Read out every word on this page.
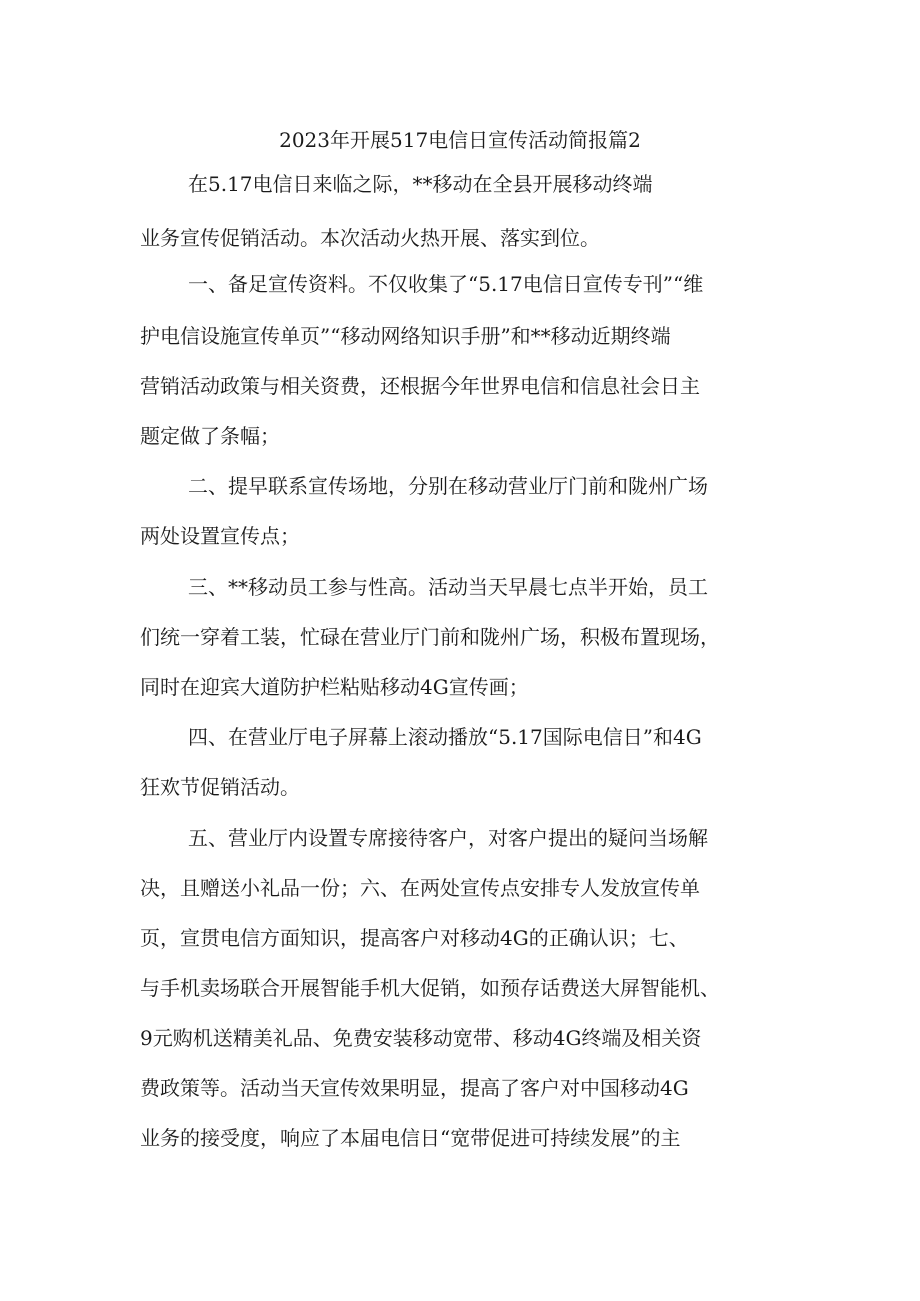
2023年开展517电信日宣传活动简报篇2

在5.17电信日来临之际，**移动在全县开展移动终端

业务宣传促销活动。本次活动火热开展、落实到位。

一、备足宣传资料。不仅收集了“5.17电信日宣传专刊”“维

护电信设施宣传单页”“移动网络知识手册”和**移动近期终端

营销活动政策与相关资费，还根据今年世界电信和信息社会日主

题定做了条幅；

二、提早联系宣传场地，分别在移动营业厅门前和陇州广场

两处设置宣传点；

三、**移动员工参与性高。活动当天早晨七点半开始，员工

们统一穿着工装，忙碌在营业厅门前和陇州广场，积极布置现场，

同时在迎宾大道防护栏粘贴移动4G宣传画；

四、在营业厅电子屏幕上滚动播放“5.17国际电信日”和4G

狂欢节促销活动。

五、营业厅内设置专席接待客户，对客户提出的疑问当场解

决，且赠送小礼品一份；六、在两处宣传点安排专人发放宣传单

页，宣贯电信方面知识，提高客户对移动4G的正确认识；七、

与手机卖场联合开展智能手机大促销，如预存话费送大屏智能机、

9元购机送精美礼品、免费安装移动宽带、移动4G终端及相关资

费政策等。活动当天宣传效果明显，提高了客户对中国移动4G

业务的接受度，响应了本届电信日“宽带促进可持续发展”的主
